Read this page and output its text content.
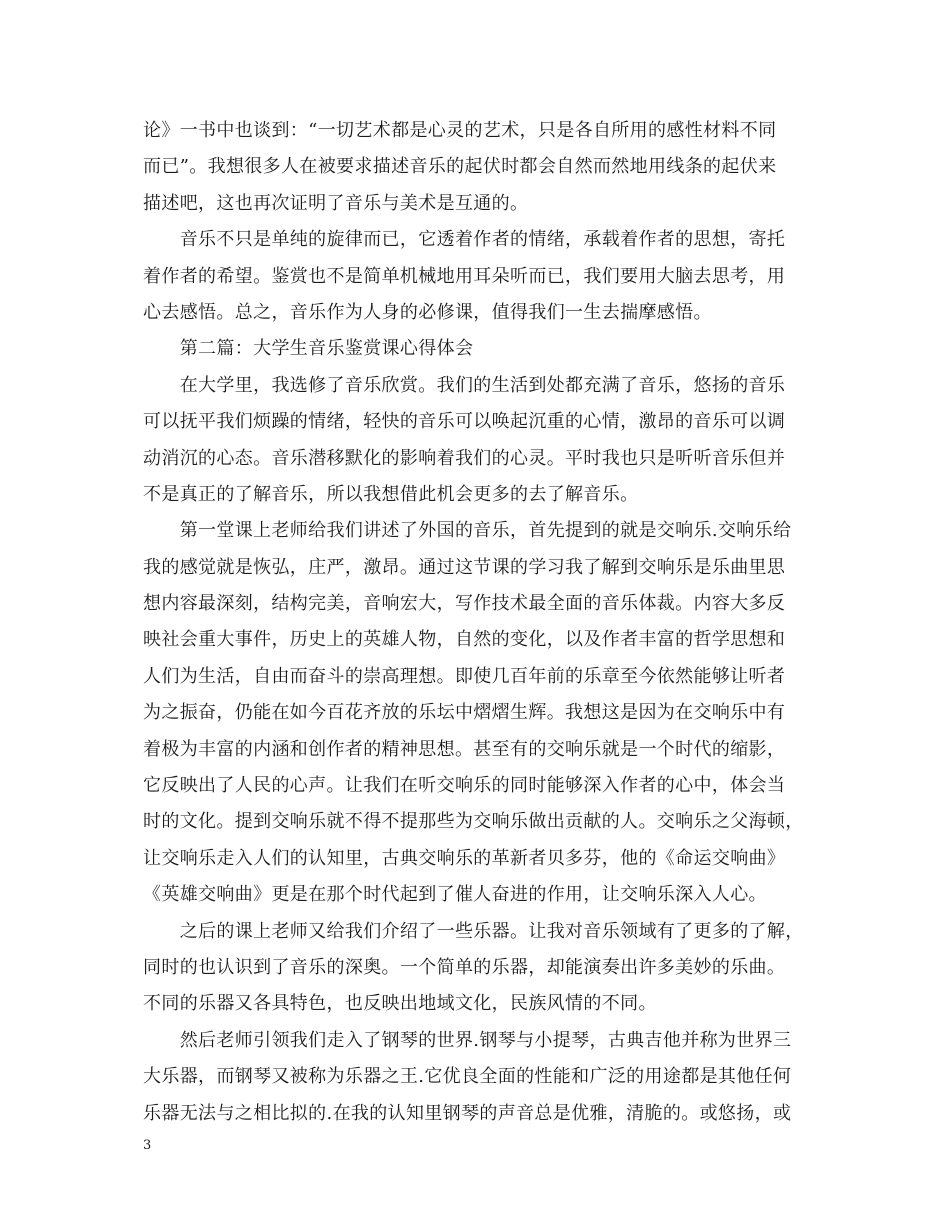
论》一书中也谈到：“一切艺术都是心灵的艺术，只是各自所用的感性材料不同
而已”。我想很多人在被要求描述音乐的起伏时都会自然而然地用线条的起伏来
描述吧，这也再次证明了音乐与美术是互通的。
　　音乐不只是单纯的旋律而已，它透着作者的情绪，承载着作者的思想，寄托
着作者的希望。鉴赏也不是简单机械地用耳朵听而已，我们要用大脑去思考，用
心去感悟。总之，音乐作为人身的必修课，值得我们一生去揣摩感悟。
　　第二篇：大学生音乐鉴赏课心得体会
　　在大学里，我选修了音乐欣赏。我们的生活到处都充满了音乐，悠扬的音乐
可以抚平我们烦躁的情绪，轻快的音乐可以唤起沉重的心情，激昂的音乐可以调
动消沉的心态。音乐潜移默化的影响着我们的心灵。平时我也只是听听音乐但并
不是真正的了解音乐，所以我想借此机会更多的去了解音乐。
　　第一堂课上老师给我们讲述了外国的音乐，首先提到的就是交响乐.交响乐给
我的感觉就是恢弘，庄严，激昂。通过这节课的学习我了解到交响乐是乐曲里思
想内容最深刻，结构完美，音响宏大，写作技术最全面的音乐体裁。内容大多反
映社会重大事件，历史上的英雄人物，自然的变化，以及作者丰富的哲学思想和
人们为生活，自由而奋斗的崇高理想。即使几百年前的乐章至今依然能够让听者
为之振奋，仍能在如今百花齐放的乐坛中熠熠生辉。我想这是因为在交响乐中有
着极为丰富的内涵和创作者的精神思想。甚至有的交响乐就是一个时代的缩影，
它反映出了人民的心声。让我们在听交响乐的同时能够深入作者的心中，体会当
时的文化。提到交响乐就不得不提那些为交响乐做出贡献的人。交响乐之父海顿，
让交响乐走入人们的认知里，古典交响乐的革新者贝多芬，他的《命运交响曲》
《英雄交响曲》更是在那个时代起到了催人奋进的作用，让交响乐深入人心。
　　之后的课上老师又给我们介绍了一些乐器。让我对音乐领域有了更多的了解，
同时的也认识到了音乐的深奥。一个简单的乐器，却能演奏出许多美妙的乐曲。
不同的乐器又各具特色，也反映出地域文化，民族风情的不同。
　　然后老师引领我们走入了钢琴的世界.钢琴与小提琴，古典吉他并称为世界三
大乐器，而钢琴又被称为乐器之王.它优良全面的性能和广泛的用途都是其他任何
乐器无法与之相比拟的.在我的认知里钢琴的声音总是优雅，清脆的。或悠扬，或
3
